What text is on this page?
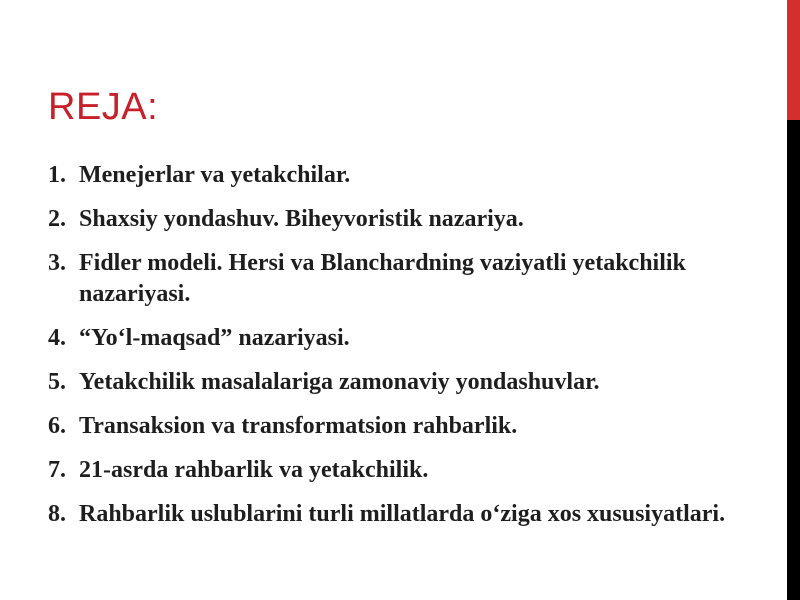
REJA:
1. Menejerlar va yetakchilar.
2. Shaxsiy yondashuv. Biheyvoristik nazariya.
3. Fidler modeli. Hersi va Blanchardning vaziyatli yetakchilik nazariyasi.
4. “Yo‘l-maqsad” nazariyasi.
5. Yetakchilik masalalariga zamonaviy yondashuvlar.
6. Transaksion va transformatsion rahbarlik.
7. 21-asrda rahbarlik va yetakchilik.
8. Rahbarlik uslublarini turli millatlarda o‘ziga xos xususiyatlari.
